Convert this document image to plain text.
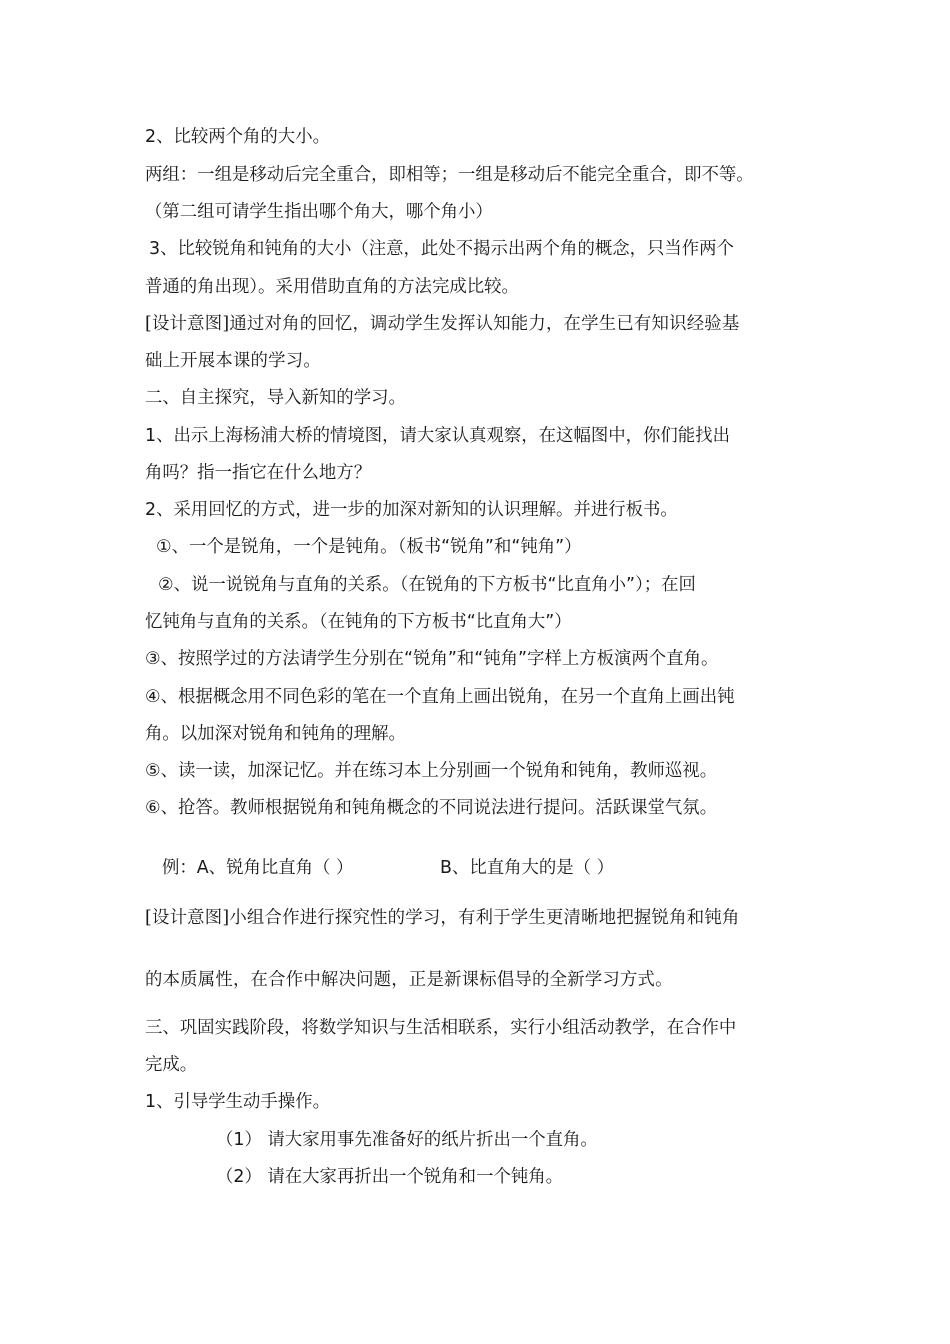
2、比较两个角的大小。
两组：一组是移动后完全重合，即相等；一组是移动后不能完全重合，即不等。
（第二组可请学生指出哪个角大，哪个角小）
3、比较锐角和钝角的大小（注意，此处不揭示出两个角的概念，只当作两个
普通的角出现）。采用借助直角的方法完成比较。
[设计意图]通过对角的回忆，调动学生发挥认知能力，在学生已有知识经验基
础上开展本课的学习。
二、自主探究，导入新知的学习。
1、出示上海杨浦大桥的情境图，请大家认真观察，在这幅图中，你们能找出
角吗？指一指它在什么地方？
2、采用回忆的方式，进一步的加深对新知的认识理解。并进行板书。
①、一个是锐角，一个是钝角。（板书“锐角”和“钝角”）
②、说一说锐角与直角的关系。（在锐角的下方板书“比直角小”）；在回
忆钝角与直角的关系。（在钝角的下方板书“比直角大”）
③、按照学过的方法请学生分别在“锐角”和“钝角”字样上方板演两个直角。
④、根据概念用不同色彩的笔在一个直角上画出锐角，在另一个直角上画出钝
角。以加深对锐角和钝角的理解。
⑤、读一读，加深记忆。并在练习本上分别画一个锐角和钝角，教师巡视。
⑥、抢答。教师根据锐角和钝角概念的不同说法进行提问。活跃课堂气氛。
例：A、锐角比直角（ ）	B、比直角大的是（ ）
[设计意图]小组合作进行探究性的学习，有利于学生更清晰地把握锐角和钝角
的本质属性，在合作中解决问题，正是新课标倡导的全新学习方式。
三、巩固实践阶段，将数学知识与生活相联系，实行小组活动教学，在合作中
完成。
1、引导学生动手操作。
（1） 请大家用事先准备好的纸片折出一个直角。
（2） 请在大家再折出一个锐角和一个钝角。
